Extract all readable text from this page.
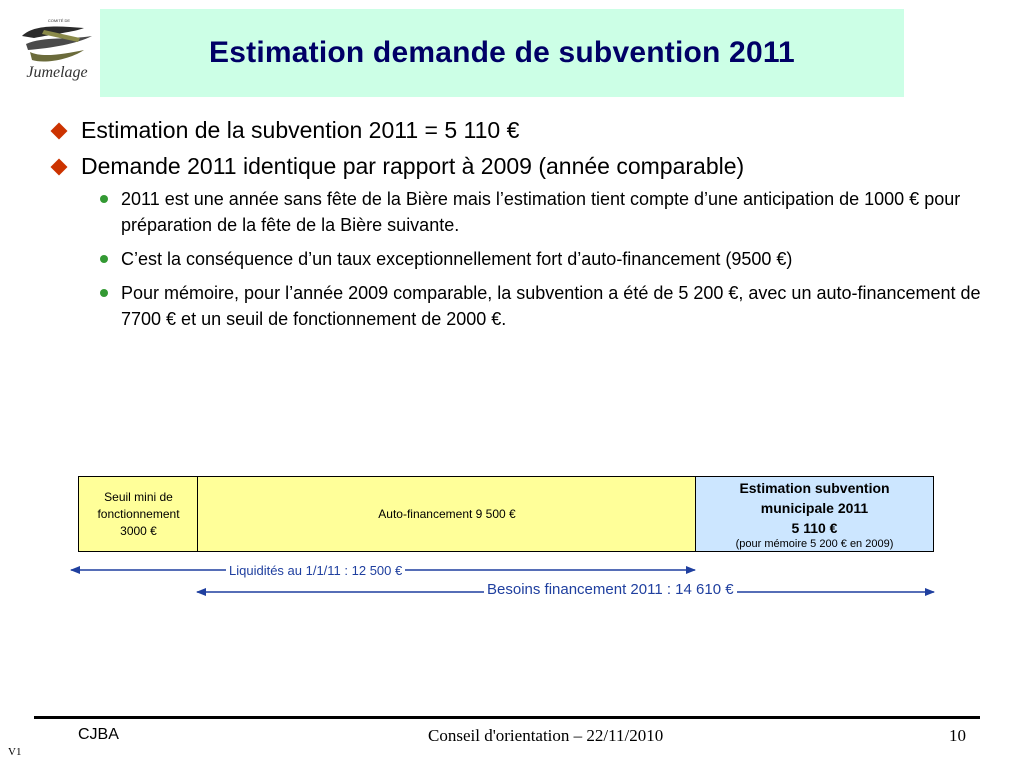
COMITÉ DE
Jumelage
Estimation demande de subvention 2011
Estimation de la subvention 2011 = 5 110 €
Demande 2011 identique par rapport à 2009 (année comparable)
2011 est une année sans fête de la Bière mais l’estimation tient compte d’une anticipation de 1000 € pour préparation de la fête de la Bière suivante.
C’est la conséquence d’un taux exceptionnellement fort d’auto-financement (9500 €)
Pour mémoire, pour l’année 2009 comparable, la subvention a été de 5 200 €, avec un auto-financement de 7700 € et un seuil de fonctionnement de 2000 €.
Seuil mini de
fonctionnement
3000 €
Auto-financement 9 500 €
Estimation subvention
municipale 2011
5 110 €
(pour mémoire 5 200 € en 2009)
Liquidités au 1/1/11 : 12 500 €
Besoins financement 2011 : 14 610 €
CJBA	Conseil d'orientation – 22/11/2010	10
V1
